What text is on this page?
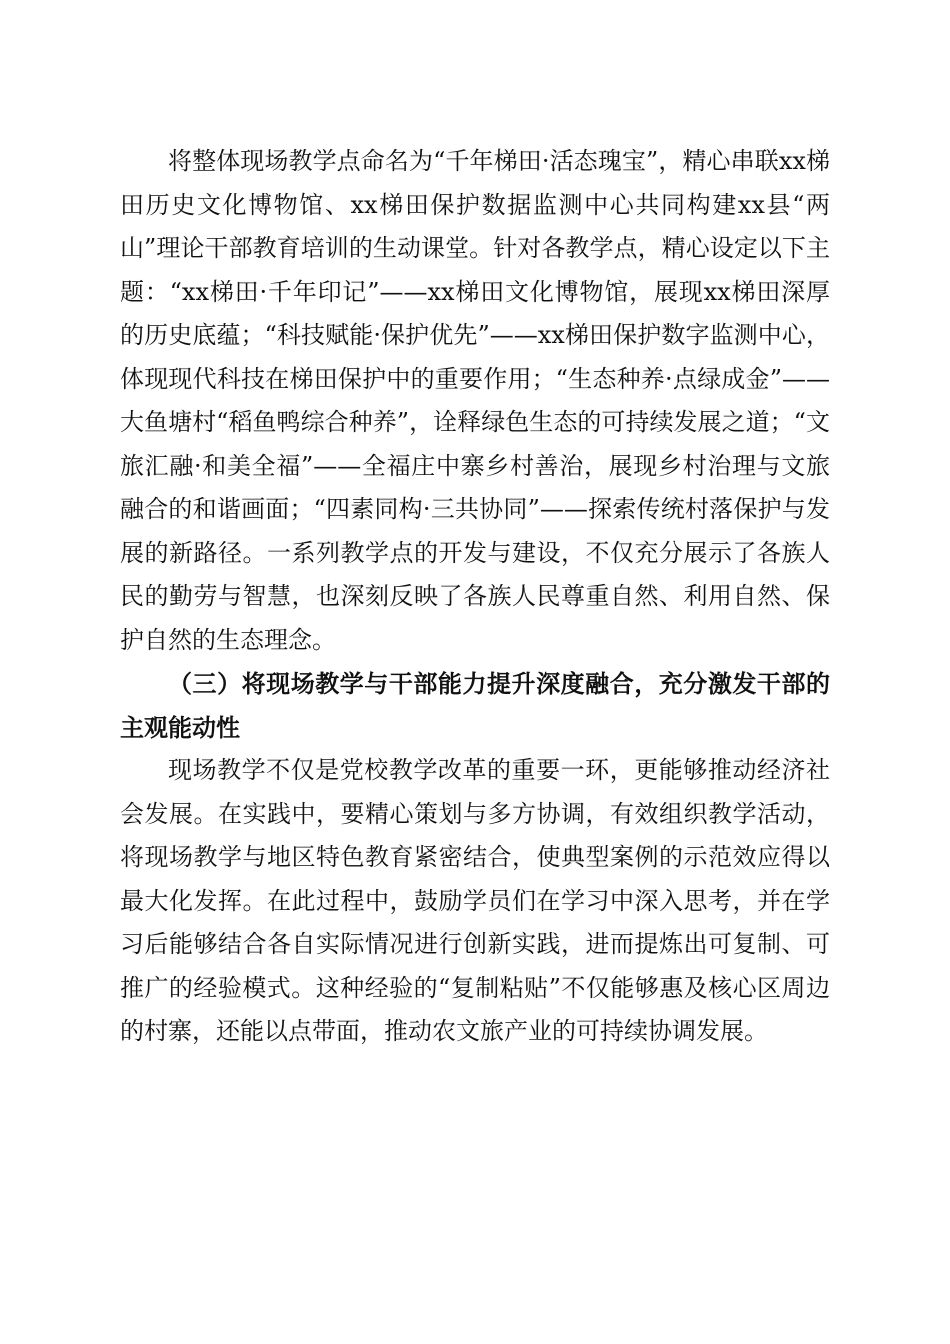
将整体现场教学点命名为“千年梯田·活态瑰宝”，精心串联xx梯田历史文化博物馆、xx梯田保护数据监测中心共同构建xx县“两山”理论干部教育培训的生动课堂。针对各教学点，精心设定以下主题：“xx梯田·千年印记”——xx梯田文化博物馆，展现xx梯田深厚的历史底蕴；“科技赋能·保护优先”——xx梯田保护数字监测中心，体现现代科技在梯田保护中的重要作用；“生态种养·点绿成金”——大鱼塘村“稻鱼鸭综合种养”，诠释绿色生态的可持续发展之道；“文旅汇融·和美全福”——全福庄中寨乡村善治，展现乡村治理与文旅融合的和谐画面；“四素同构·三共协同”——探索传统村落保护与发展的新路径。一系列教学点的开发与建设，不仅充分展示了各族人民的勤劳与智慧，也深刻反映了各族人民尊重自然、利用自然、保护自然的生态理念。

（三）将现场教学与干部能力提升深度融合，充分激发干部的主观能动性

现场教学不仅是党校教学改革的重要一环，更能够推动经济社会发展。在实践中，要精心策划与多方协调，有效组织教学活动，将现场教学与地区特色教育紧密结合，使典型案例的示范效应得以最大化发挥。在此过程中，鼓励学员们在学习中深入思考，并在学习后能够结合各自实际情况进行创新实践，进而提炼出可复制、可推广的经验模式。这种经验的“复制粘贴”不仅能够惠及核心区周边的村寨，还能以点带面，推动农文旅产业的可持续协调发展。
